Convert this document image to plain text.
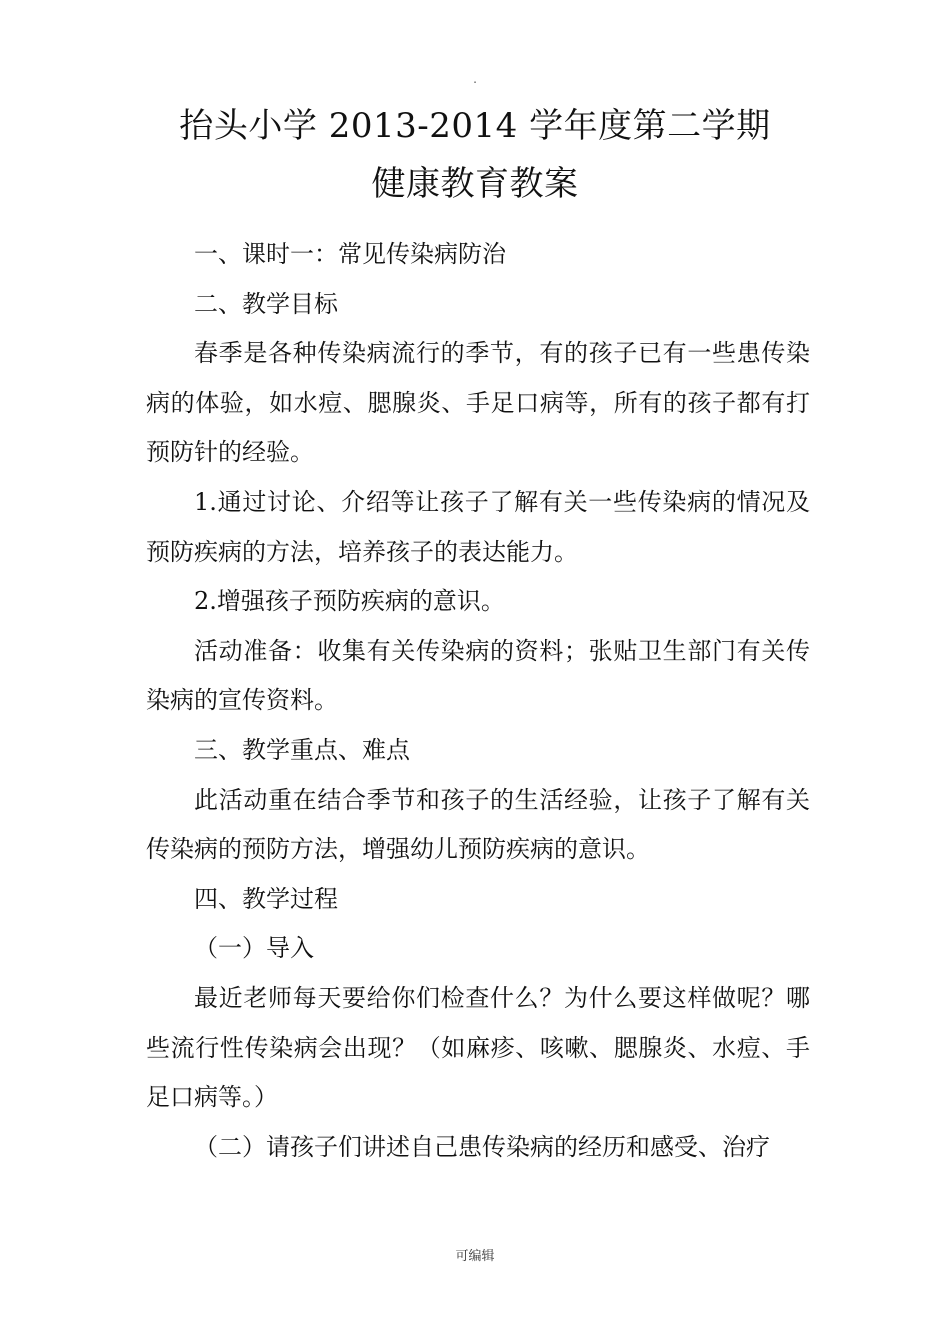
.
抬头小学 2013-2014 学年度第二学期
健康教育教案

一、课时一：常见传染病防治

二、教学目标

春季是各种传染病流行的季节，有的孩子已有一些患传染病的体验，如水痘、腮腺炎、手足口病等，所有的孩子都有打预防针的经验。

1.通过讨论、介绍等让孩子了解有关一些传染病的情况及预防疾病的方法，培养孩子的表达能力。

2.增强孩子预防疾病的意识。

活动准备：收集有关传染病的资料；张贴卫生部门有关传染病的宣传资料。

三、教学重点、难点

此活动重在结合季节和孩子的生活经验，让孩子了解有关传染病的预防方法，增强幼儿预防疾病的意识。

四、教学过程

（一）导入

最近老师每天要给你们检查什么？为什么要这样做呢？哪些流行性传染病会出现？（如麻疹、咳嗽、腮腺炎、水痘、手足口病等。）

（二）请孩子们讲述自己患传染病的经历和感受、治疗

可编辑
